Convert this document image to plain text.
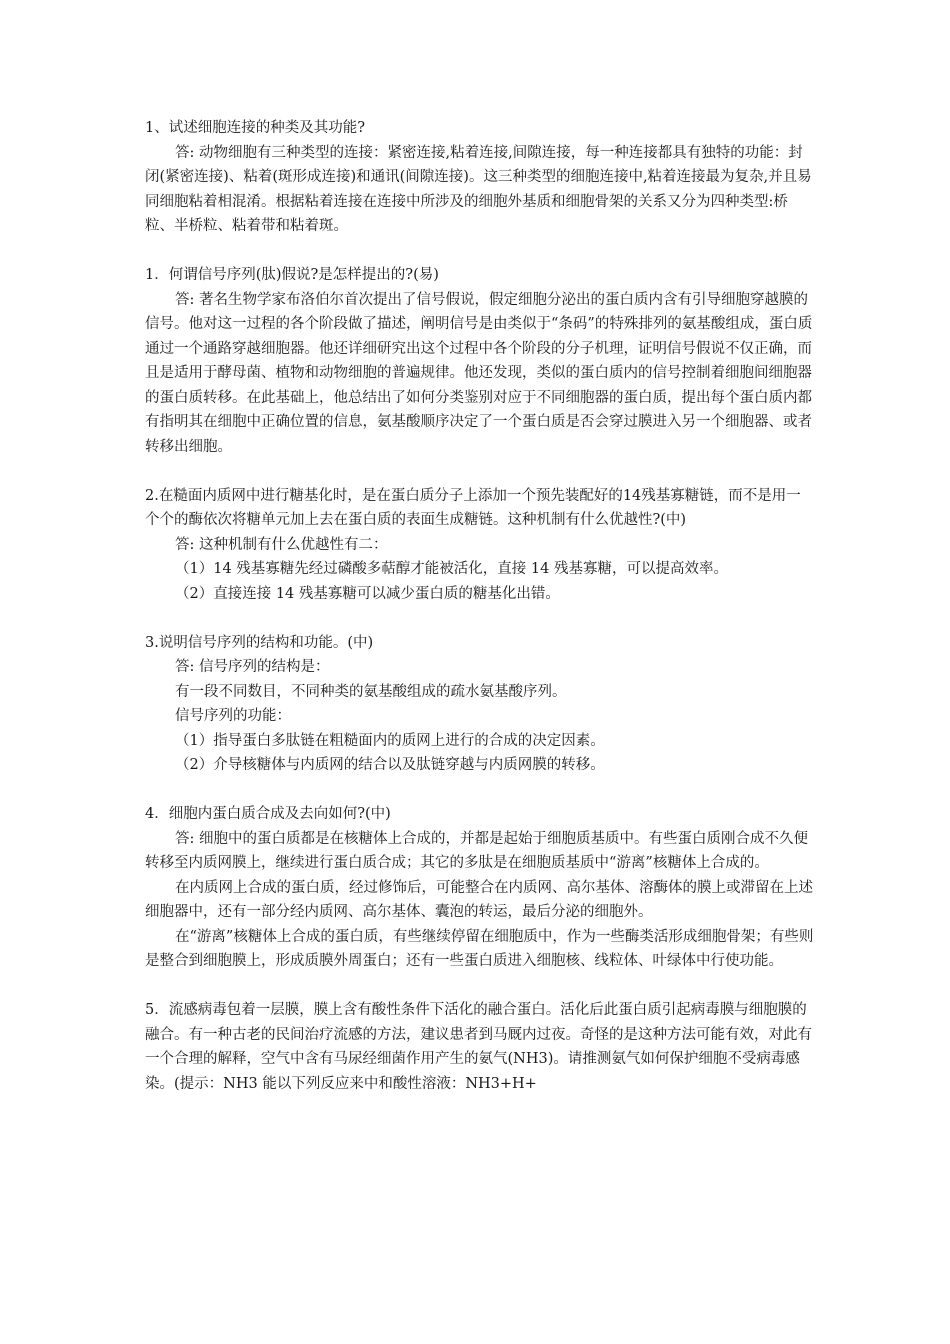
1、试述细胞连接的种类及其功能?

答: 动物细胞有三种类型的连接：紧密连接,粘着连接,间隙连接，每一种连接都具有独特的功能：封闭(紧密连接)、粘着(斑形成连接)和通讯(间隙连接)。这三种类型的细胞连接中,粘着连接最为复杂,并且易同细胞粘着相混淆。根据粘着连接在连接中所涉及的细胞外基质和细胞骨架的关系又分为四种类型:桥粒、半桥粒、粘着带和粘着斑。

1．何谓信号序列(肽)假说?是怎样提出的?(易)

答: 著名生物学家布洛伯尔首次提出了信号假说，假定细胞分泌出的蛋白质内含有引导细胞穿越膜的信号。他对这一过程的各个阶段做了描述，阐明信号是由类似于“条码”的特殊排列的氨基酸组成，蛋白质通过一个通路穿越细胞器。他还详细研究出这个过程中各个阶段的分子机理，证明信号假说不仅正确，而且是适用于酵母菌、植物和动物细胞的普遍规律。他还发现，类似的蛋白质内的信号控制着细胞间细胞器的蛋白质转移。在此基础上，他总结出了如何分类鉴别对应于不同细胞器的蛋白质，提出每个蛋白质内都有指明其在细胞中正确位置的信息，氨基酸顺序决定了一个蛋白质是否会穿过膜进入另一个细胞器、或者转移出细胞。

2.在糙面内质网中进行糖基化时，是在蛋白质分子上添加一个预先装配好的14残基寡糖链，而不是用一个个的酶依次将糖单元加上去在蛋白质的表面生成糖链。这种机制有什么优越性?(中)

答: 这种机制有什么优越性有二：

（1）14 残基寡糖先经过磷酸多萜醇才能被活化，直接 14 残基寡糖，可以提高效率。

（2）直接连接 14 残基寡糖可以减少蛋白质的糖基化出错。

3.说明信号序列的结构和功能。(中)

答: 信号序列的结构是：

有一段不同数目，不同种类的氨基酸组成的疏水氨基酸序列。

信号序列的功能：

（1）指导蛋白多肽链在粗糙面内的质网上进行的合成的决定因素。

（2）介导核糖体与内质网的结合以及肽链穿越与内质网膜的转移。

4．细胞内蛋白质合成及去向如何?(中)

答: 细胞中的蛋白质都是在核糖体上合成的，并都是起始于细胞质基质中。有些蛋白质刚合成不久便转移至内质网膜上，继续进行蛋白质合成；其它的多肽是在细胞质基质中“游离”核糖体上合成的。

在内质网上合成的蛋白质，经过修饰后，可能整合在内质网、高尔基体、溶酶体的膜上或滞留在上述细胞器中，还有一部分经内质网、高尔基体、囊泡的转运，最后分泌的细胞外。

在“游离”核糖体上合成的蛋白质，有些继续停留在细胞质中，作为一些酶类活形成细胞骨架；有些则是整合到细胞膜上，形成质膜外周蛋白；还有一些蛋白质进入细胞核、线粒体、叶绿体中行使功能。

5．流感病毒包着一层膜，膜上含有酸性条件下活化的融合蛋白。活化后此蛋白质引起病毒膜与细胞膜的融合。有一种古老的民间治疗流感的方法，建议患者到马厩内过夜。奇怪的是这种方法可能有效，对此有一个合理的解释，空气中含有马尿经细菌作用产生的氨气(NH3)。请推测氨气如何保护细胞不受病毒感染。(提示：NH3 能以下列反应来中和酸性溶液：NH3+H+
